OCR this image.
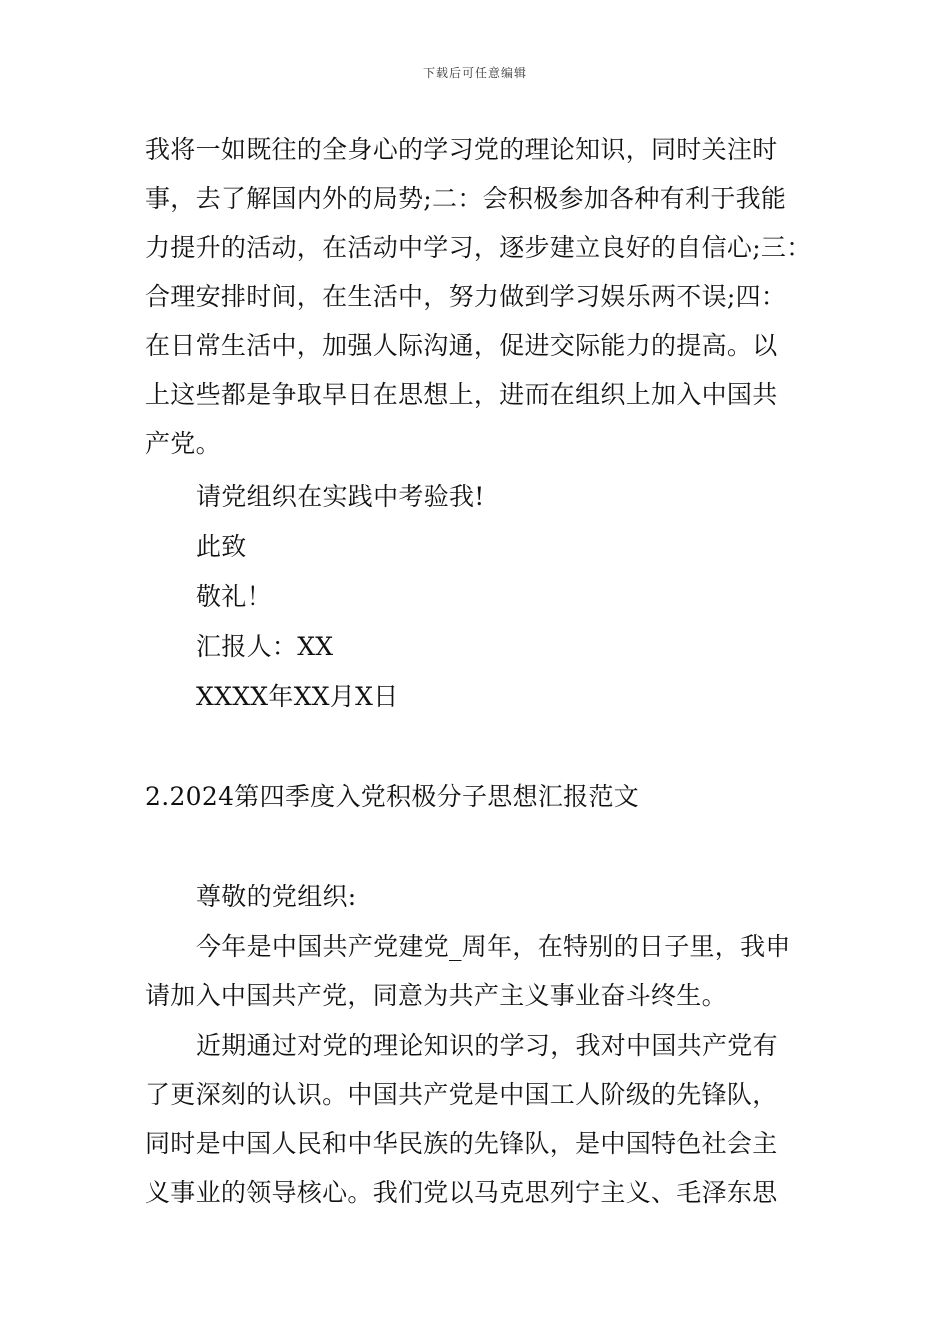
下载后可任意编辑
我将一如既往的全身心的学习党的理论知识，同时关注时
事，去了解国内外的局势;二：会积极参加各种有利于我能
力提升的活动，在活动中学习，逐步建立良好的自信心;三：
合理安排时间，在生活中，努力做到学习娱乐两不误;四：
在日常生活中，加强人际沟通，促进交际能力的提高。以
上这些都是争取早日在思想上，进而在组织上加入中国共
产党。
请党组织在实践中考验我!
此致
敬礼！
汇报人：XX
XXXX年XX月X日
2.2024第四季度入党积极分子思想汇报范文
尊敬的党组织:
今年是中国共产党建党_周年，在特别的日子里，我申
请加入中国共产党，同意为共产主义事业奋斗终生。
近期通过对党的理论知识的学习，我对中国共产党有
了更深刻的认识。中国共产党是中国工人阶级的先锋队，
同时是中国人民和中华民族的先锋队，是中国特色社会主
义事业的领导核心。我们党以马克思列宁主义、毛泽东思
